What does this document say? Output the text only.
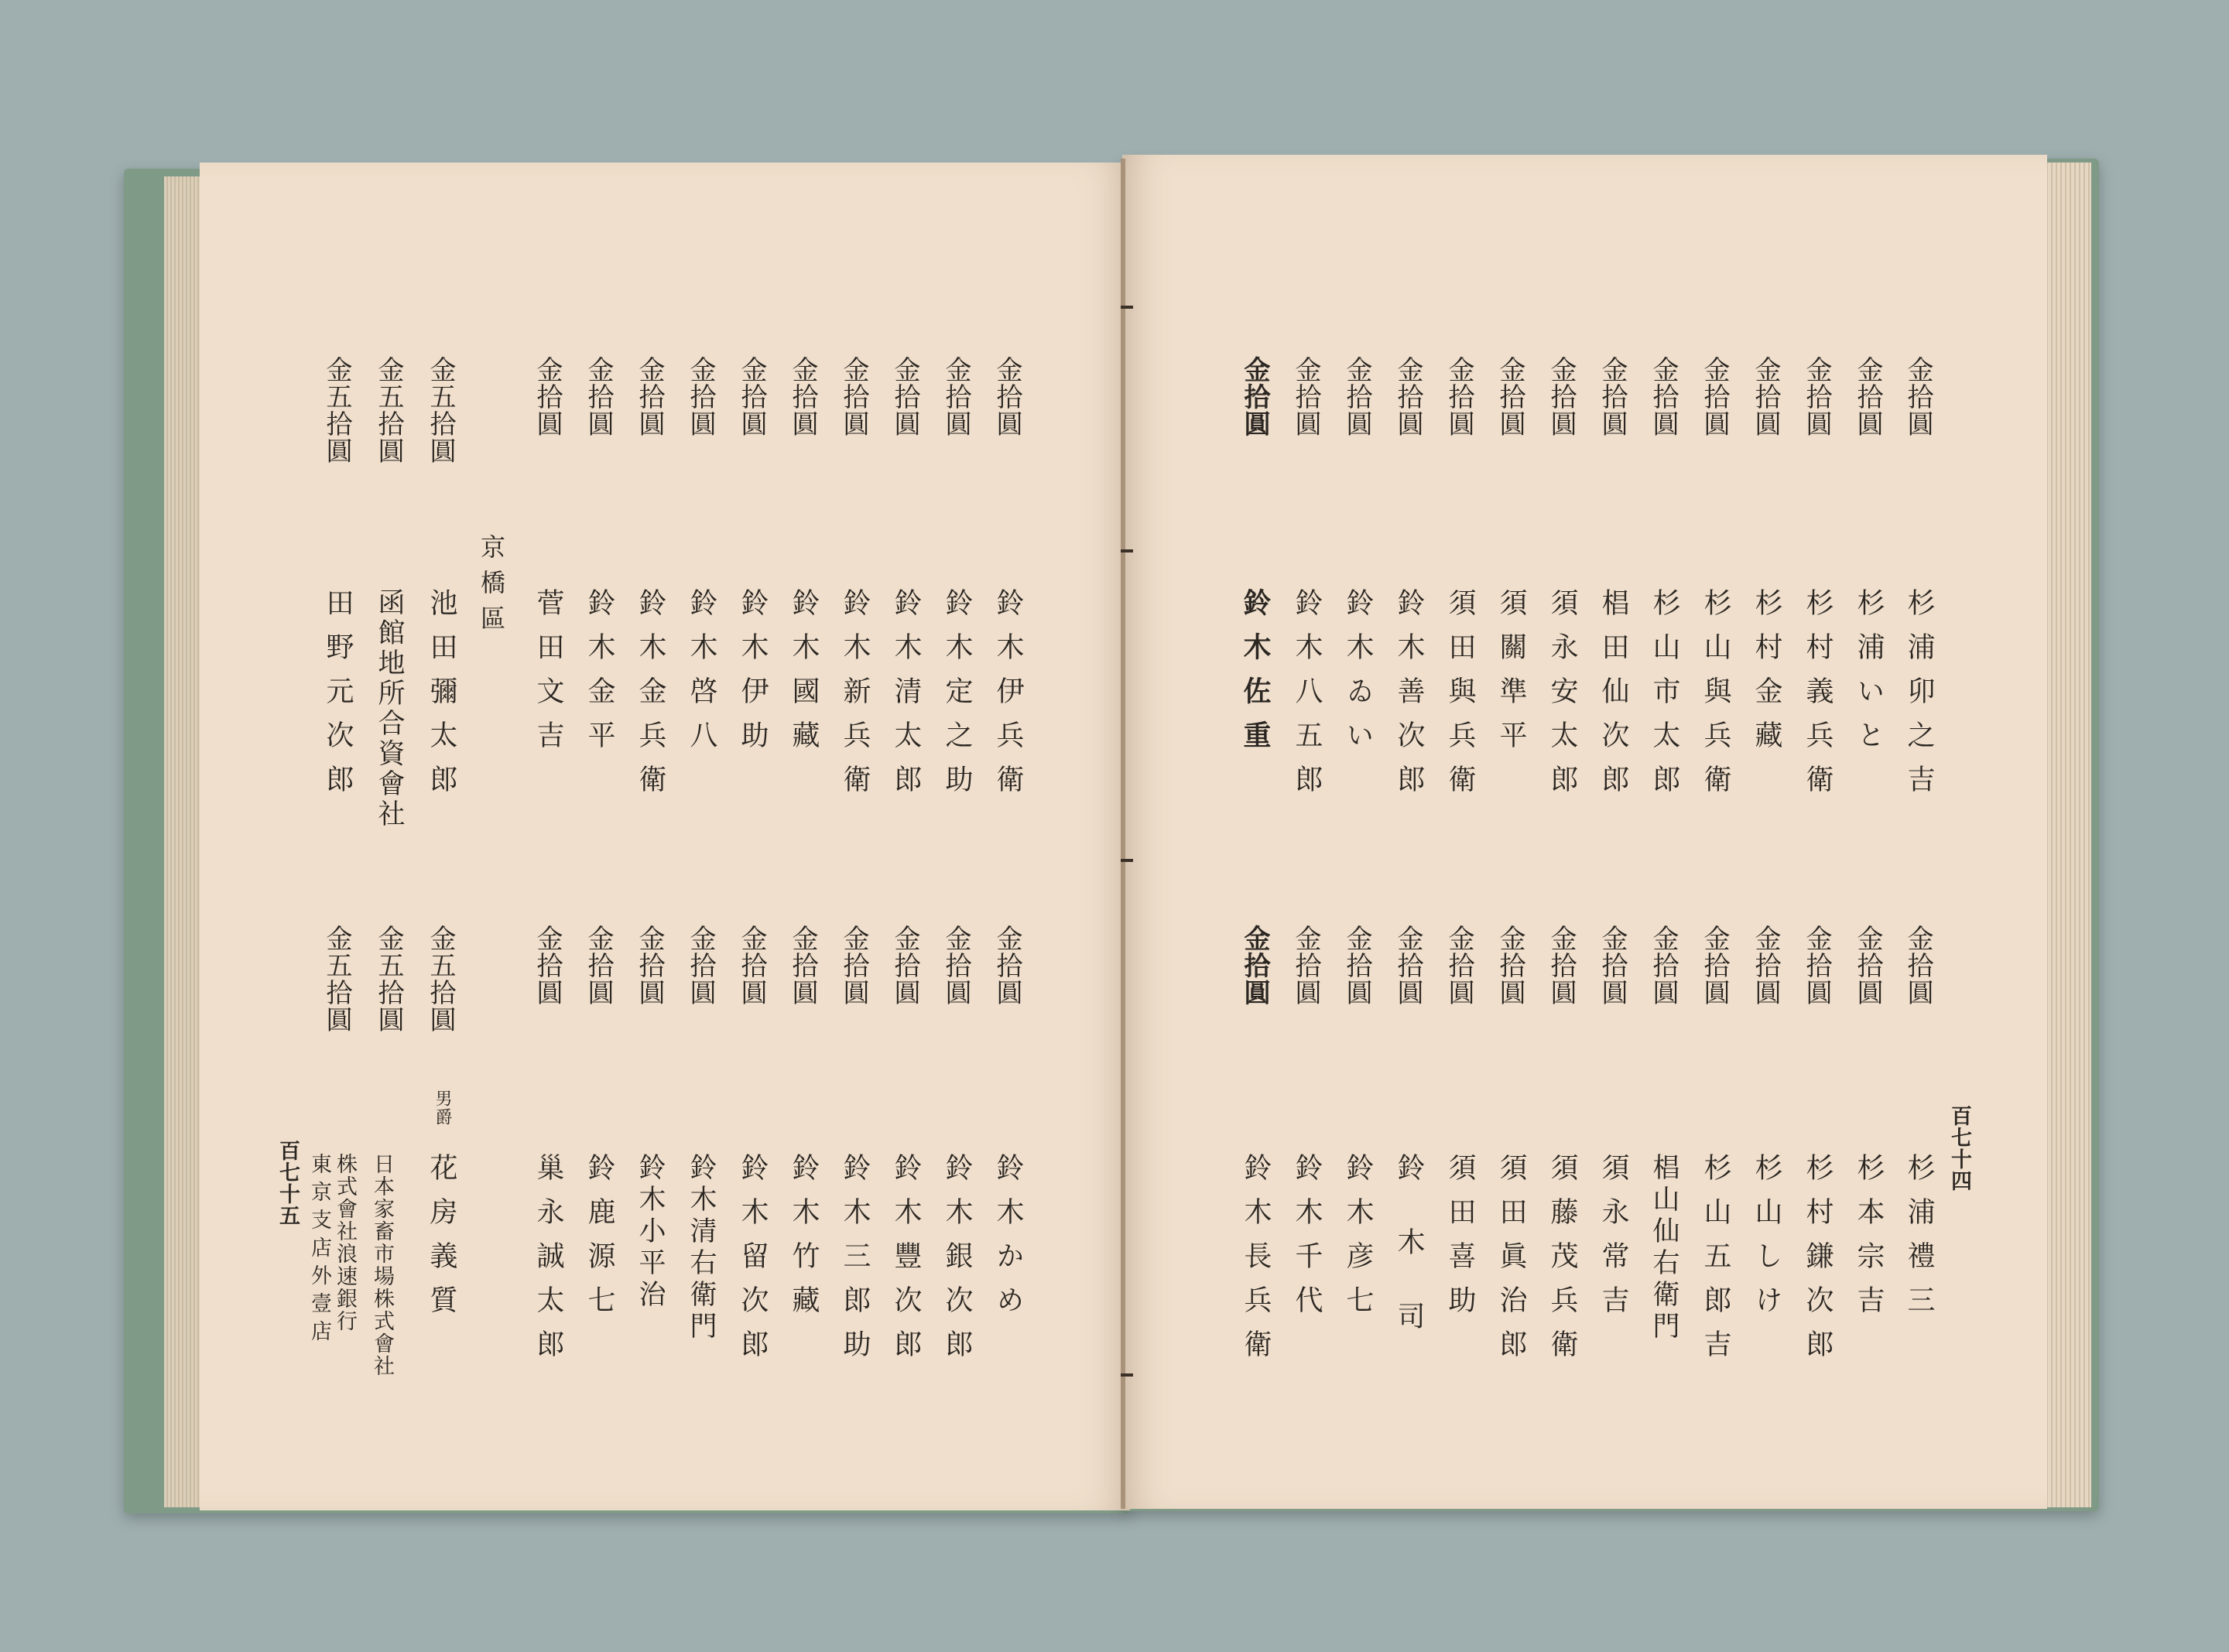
金拾圓
杉浦卯之吉
金拾圓
杉浦いと
金拾圓
杉村義兵衛
金拾圓
杉村金藏
金拾圓
杉山與兵衛
金拾圓
杉山市太郎
金拾圓
椙田仙次郎
金拾圓
須永安太郎
金拾圓
須關準平
金拾圓
須田與兵衛
金拾圓
鈴木善次郎
金拾圓
鈴木ゐい
金拾圓
鈴木八五郎
金拾圓
鈴木佐重
金拾圓
杉浦禮三
金拾圓
杉本宗吉
金拾圓
杉村鎌次郎
金拾圓
杉山しけ
金拾圓
杉山五郎吉
金拾圓
椙山仙右衛門
金拾圓
須永常吉
金拾圓
須藤茂兵衛
金拾圓
須田眞治郎
金拾圓
須田喜助
金拾圓
鈴木司
金拾圓
鈴木彦七
金拾圓
鈴木千代
金拾圓
鈴木長兵衛
百七十四
金拾圓
鈴木伊兵衛
金拾圓
鈴木定之助
金拾圓
鈴木清太郎
金拾圓
鈴木新兵衛
金拾圓
鈴木國藏
金拾圓
鈴木伊助
金拾圓
鈴木啓八
金拾圓
鈴木金兵衛
金拾圓
鈴木金平
金拾圓
菅田文吉
京橋區
金五拾圓
池田彌太郎
金五拾圓
函館地所合資會社
金五拾圓
田野元次郎
金拾圓
鈴木かめ
金拾圓
鈴木銀次郎
金拾圓
鈴木豐次郎
金拾圓
鈴木三郎助
金拾圓
鈴木竹藏
金拾圓
鈴木留次郎
金拾圓
鈴木清右衛門
金拾圓
鈴木小平治
金拾圓
鈴鹿源七
金拾圓
巢永誠太郎
金五拾圓
男爵
花房義質
金五拾圓
日本家畜市場株式會社
金五拾圓
株式會社浪速銀行
東京支店外壹店
百七十五
